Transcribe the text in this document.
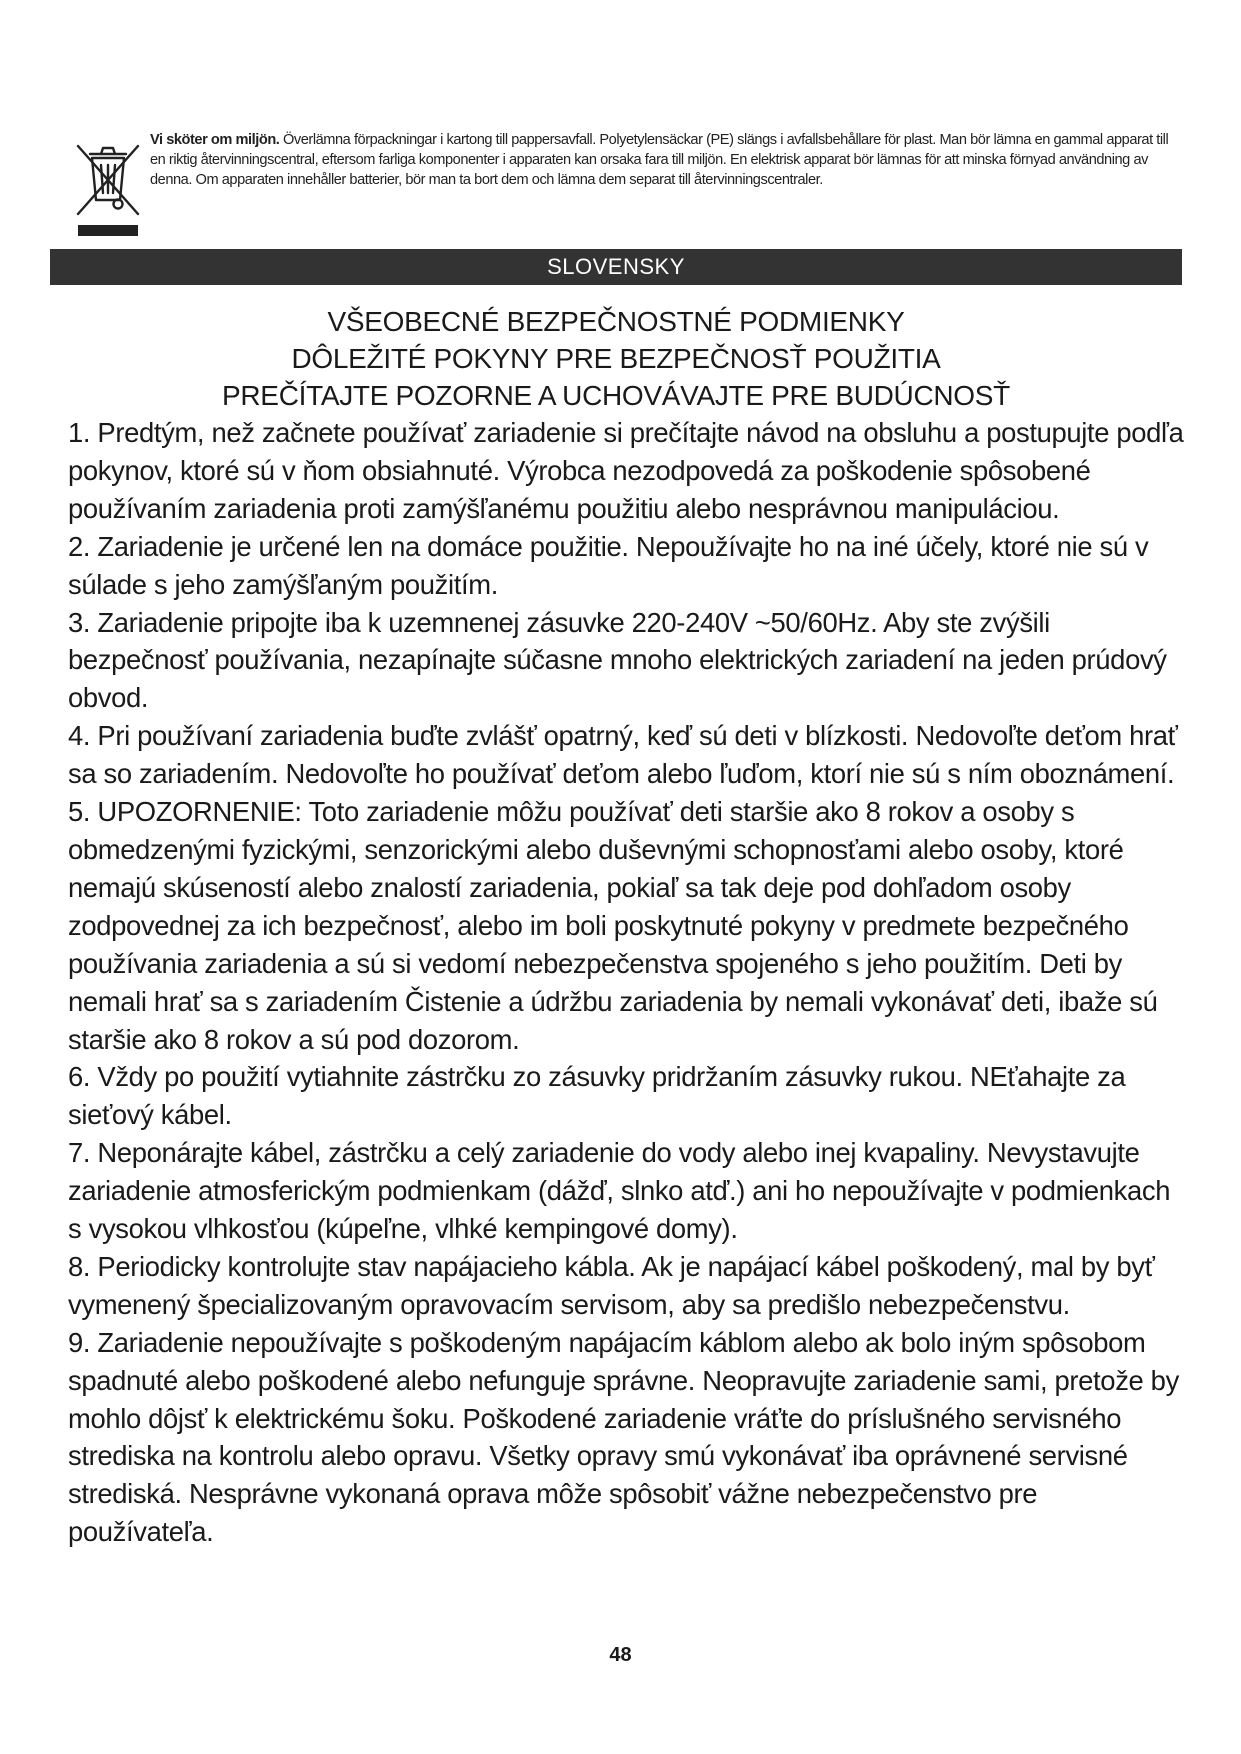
Vi sköter om miljön. Överlämna förpackningar i kartong till pappersavfall. Polyetylensäckar (PE) slängs i avfallsbehållare för plast. Man bör lämna en gammal apparat till en riktig återvinningscentral, eftersom farliga komponenter i apparaten kan orsaka fara till miljön. En elektrisk apparat bör lämnas för att minska förnyad användning av denna. Om apparaten innehåller batterier, bör man ta bort dem och lämna dem separat till återvinningscentraler.
SLOVENSKY
VŠEOBECNÉ BEZPEČNOSTNÉ PODMIENKY
DÔLEŽITÉ POKYNY PRE BEZPEČNOSŤ POUŽITIA
PREČÍTAJTE POZORNE A UCHOVÁVAJTE PRE BUDÚCNOSŤ

1. Predtým, než začnete používať zariadenie si prečítajte návod na obsluhu a postupujte podľa pokynov, ktoré sú v ňom obsiahnuté. Výrobca nezodpovedá za poškodenie spôsobené používaním zariadenia proti zamýšľanému použitiu alebo nesprávnou manipuláciou.

2. Zariadenie je určené len na domáce použitie. Nepoužívajte ho na iné účely, ktoré nie sú v súlade s jeho zamýšľaným použitím.

3. Zariadenie pripojte iba k uzemnenej zásuvke 220-240V ~50/60Hz. Aby ste zvýšili bezpečnosť používania, nezapínajte súčasne mnoho elektrických zariadení na jeden prúdový obvod.

4. Pri používaní zariadenia buďte zvlášť opatrný, keď sú deti v blízkosti. Nedovoľte deťom hrať sa so zariadením. Nedovoľte ho používať deťom alebo ľuďom, ktorí nie sú s ním oboznámení.

5. UPOZORNENIE: Toto zariadenie môžu používať deti staršie ako 8 rokov a osoby s obmedzenými fyzickými, senzorickými alebo duševnými schopnosťami alebo osoby, ktoré nemajú skúseností alebo znalostí zariadenia, pokiaľ sa tak deje pod dohľadom osoby zodpovednej za ich bezpečnosť, alebo im boli poskytnuté pokyny v predmete bezpečného používania zariadenia a sú si vedomí nebezpečenstva spojeného s jeho použitím. Deti by nemali hrať sa s zariadením Čistenie a údržbu zariadenia by nemali vykonávať deti, ibaže sú staršie ako 8 rokov a sú pod dozorom.

6. Vždy po použití vytiahnite zástrčku zo zásuvky pridržaním zásuvky rukou. NEťahajte za sieťový kábel.

7. Neponárajte kábel, zástrčku a celý zariadenie do vody alebo inej kvapaliny. Nevystavujte zariadenie atmosferickým podmienkam (dážď, slnko atď.) ani ho nepoužívajte v podmienkach s vysokou vlhkosťou (kúpeľne, vlhké kempingové domy).

8. Periodicky kontrolujte stav napájacieho kábla. Ak je napájací kábel poškodený, mal by byť vymenený špecializovaným opravovacím servisom, aby sa predišlo nebezpečenstvu.

9. Zariadenie nepoužívajte s poškodeným napájacím káblom alebo ak bolo iným spôsobom spadnuté alebo poškodené alebo nefunguje správne. Neopravujte zariadenie sami, pretože by mohlo dôjsť k elektrickému šoku. Poškodené zariadenie vráťte do príslušného servisného strediska na kontrolu alebo opravu. Všetky opravy smú vykonávať iba oprávnené servisné strediská. Nesprávne vykonaná oprava môže spôsobiť vážne nebezpečenstvo pre používateľa.

48
